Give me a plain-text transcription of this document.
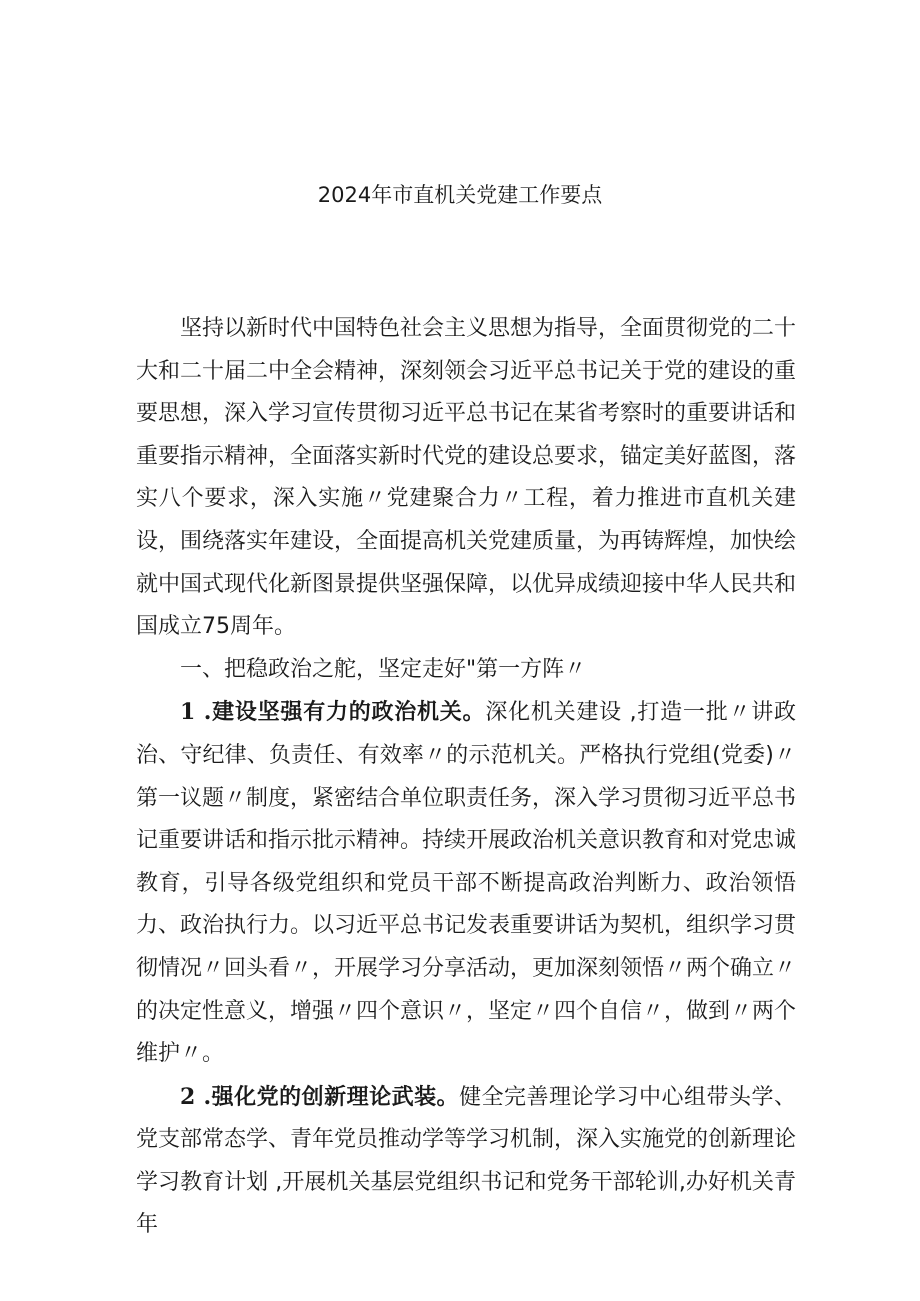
2024年市直机关党建工作要点

坚持以新时代中国特色社会主义思想为指导，全面贯彻党的二十大和二十届二中全会精神，深刻领会习近平总书记关于党的建设的重要思想，深入学习宣传贯彻习近平总书记在某省考察时的重要讲话和重要指示精神，全面落实新时代党的建设总要求，锚定美好蓝图，落实八个要求，深入实施〃党建聚合力〃工程，着力推进市直机关建设，围绕落实年建设，全面提高机关党建质量，为再铸辉煌，加快绘就中国式现代化新图景提供坚强保障，以优异成绩迎接中华人民共和国成立75周年。

一、把稳政治之舵，坚定走好"第一方阵〃

1 .建设坚强有力的政治机关。深化机关建设 ,打造一批〃讲政治、守纪律、负责任、有效率〃的示范机关。严格执行党组(党委)〃第一议题〃制度，紧密结合单位职责任务，深入学习贯彻习近平总书记重要讲话和指示批示精神。持续开展政治机关意识教育和对党忠诚教育，引导各级党组织和党员干部不断提高政治判断力、政治领悟力、政治执行力。以习近平总书记发表重要讲话为契机，组织学习贯彻情况〃回头看〃，开展学习分享活动，更加深刻领悟〃两个确立〃的决定性意义，增强〃四个意识〃，坚定〃四个自信〃，做到〃两个维护〃。

2 .强化党的创新理论武装。健全完善理论学习中心组带头学、党支部常态学、青年党员推动学等学习机制，深入实施党的创新理论学习教育计划 ,开展机关基层党组织书记和党务干部轮训,办好机关青年
